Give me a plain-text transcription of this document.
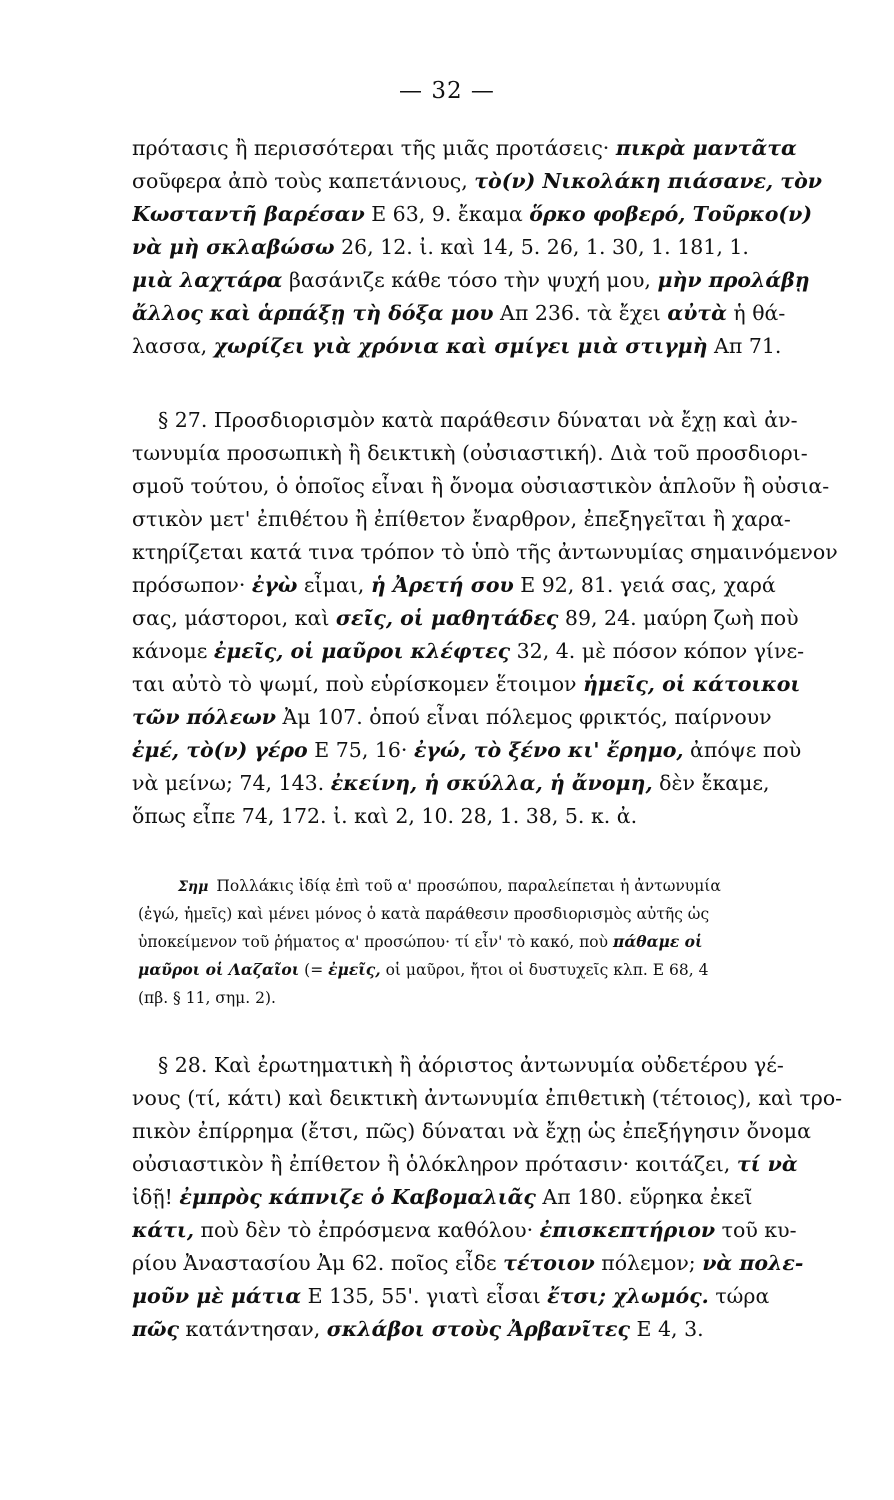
— 32 —
πρότασις ἢ περισσότεραι τῆς μιᾶς προτάσεις· πικρὰ μαντᾶτα
σοῦφερα ἀπὸ τοὺς καπετάνιους, τὸ(ν) Νικολάκη πιάσανε, τὸν
Κωσταντῆ βαρέσαν Ε 63, 9. ἔκαμα ὅρκο φοβερό, Τοῦρκο(ν)
νὰ μὴ σκλαβώσω 26, 12. ἰ. καὶ 14, 5. 26, 1. 30, 1. 181, 1.
μιὰ λαχτάρα βασάνιζε κάθε τόσο τὴν ψυχή μου, μὴν προλάβῃ
ἄλλος καὶ ἁρπάξῃ τὴ δόξα μου Απ 236. τὰ ἔχει αὐτὰ ἡ θά-
λασσα, χωρίζει γιὰ χρόνια καὶ σμίγει μιὰ στιγμὴ Απ 71.
§ 27. Προσδιορισμὸν κατὰ παράθεσιν δύναται νὰ ἔχῃ καὶ ἀν-
τωνυμία προσωπικὴ ἢ δεικτικὴ (οὐσιαστική). Διὰ τοῦ προσδιορι-
σμοῦ τούτου, ὁ ὁποῖος εἶναι ἢ ὄνομα οὐσιαστικὸν ἁπλοῦν ἢ οὐσια-
στικὸν μετ' ἐπιθέτου ἢ ἐπίθετον ἔναρθρον, ἐπεξηγεῖται ἢ χαρα-
κτηρίζεται κατά τινα τρόπον τὸ ὑπὸ τῆς ἀντωνυμίας σημαινόμενον
πρόσωπον· ἐγὼ εἶμαι, ἡ Ἀρετή σου Ε 92, 81. γειά σας, χαρά
σας, μάστοροι, καὶ σεῖς, οἱ μαθητάδες 89, 24. μαύρη ζωὴ ποὺ
κάνομε ἐμεῖς, οἱ μαῦροι κλέφτες 32, 4. μὲ πόσον κόπον γίνε-
ται αὐτὸ τὸ ψωμί, ποὺ εὑρίσκομεν ἕτοιμον ἡμεῖς, οἱ κάτοικοι
τῶν πόλεων Ἀμ 107. ὁπού εἶναι πόλεμος φρικτός, παίρνουν
ἐμέ, τὸ(ν) γέρο Ε 75, 16· ἐγώ, τὸ ξένο κι' ἔρημο, ἀπόψε ποὺ
νὰ μείνω; 74, 143. ἐκείνη, ἡ σκύλλα, ἡ ἄνομη, δὲν ἔκαμε,
ὅπως εἶπε 74, 172. ἰ. καὶ 2, 10. 28, 1. 38, 5. κ. ἀ.
Σημ Πολλάκις ἰδίᾳ ἐπὶ τοῦ α' προσώπου, παραλείπεται ἡ ἀντωνυμία
(ἐγώ, ἡμεῖς) καὶ μένει μόνος ὁ κατὰ παράθεσιν προσδιορισμὸς αὐτῆς ὡς
ὑποκείμενον τοῦ ῥήματος α' προσώπου· τί εἶν' τὸ κακό, ποὺ πάθαμε οἱ
μαῦροι οἱ Λαζαῖοι (= ἐμεῖς, οἱ μαῦροι, ἤτοι οἱ δυστυχεῖς κλπ. Ε 68, 4
(πβ. § 11, σημ. 2).
§ 28. Καὶ ἐρωτηματικὴ ἢ ἀόριστος ἀντωνυμία οὐδετέρου γέ-
νους (τί, κάτι) καὶ δεικτικὴ ἀντωνυμία ἐπιθετικὴ (τέτοιος), καὶ τρο-
πικὸν ἐπίρρημα (ἔτσι, πῶς) δύναται νὰ ἔχῃ ὡς ἐπεξήγησιν ὄνομα
οὐσιαστικὸν ἢ ἐπίθετον ἢ ὁλόκληρον πρότασιν· κοιτάζει, τί νὰ
ἰδῇ! ἐμπρὸς κάπνιζε ὁ Καβομαλιᾶς Απ 180. εὕρηκα ἐκεῖ
κάτι, ποὺ δὲν τὸ ἐπρόσμενα καθόλου· ἐπισκεπτήριον τοῦ κυ-
ρίου Ἀναστασίου Ἀμ 62. ποῖος εἶδε τέτοιον πόλεμον; νὰ πολε-
μοῦν μὲ μάτια Ε 135, 55'. γιατὶ εἶσαι ἔτσι; χλωμός. τώρα
πῶς κατάντησαν, σκλάβοι στοὺς Ἀρβανῖτες Ε 4, 3.
